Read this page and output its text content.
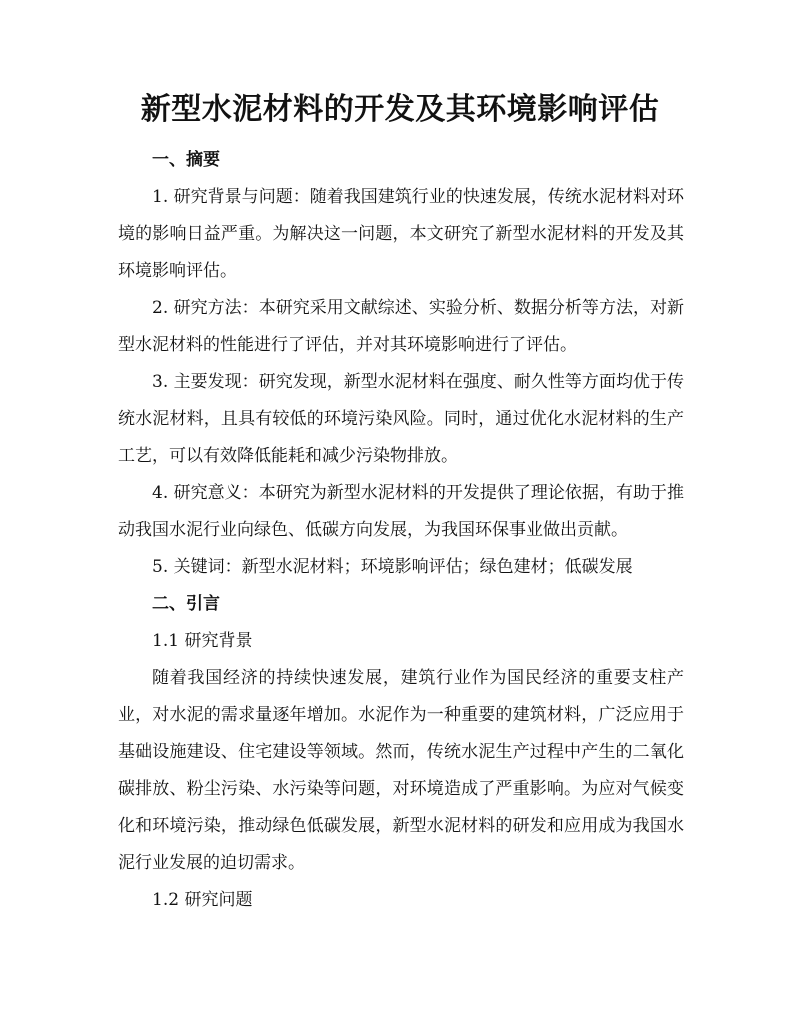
新型水泥材料的开发及其环境影响评估

一、摘要

1. 研究背景与问题：随着我国建筑行业的快速发展，传统水泥材料对环境的影响日益严重。为解决这一问题，本文研究了新型水泥材料的开发及其环境影响评估。

2. 研究方法：本研究采用文献综述、实验分析、数据分析等方法，对新型水泥材料的性能进行了评估，并对其环境影响进行了评估。

3. 主要发现：研究发现，新型水泥材料在强度、耐久性等方面均优于传统水泥材料，且具有较低的环境污染风险。同时，通过优化水泥材料的生产工艺，可以有效降低能耗和减少污染物排放。

4. 研究意义：本研究为新型水泥材料的开发提供了理论依据，有助于推动我国水泥行业向绿色、低碳方向发展，为我国环保事业做出贡献。

5. 关键词：新型水泥材料；环境影响评估；绿色建材；低碳发展

二、引言

1.1 研究背景

随着我国经济的持续快速发展，建筑行业作为国民经济的重要支柱产业，对水泥的需求量逐年增加。水泥作为一种重要的建筑材料，广泛应用于基础设施建设、住宅建设等领域。然而，传统水泥生产过程中产生的二氧化碳排放、粉尘污染、水污染等问题，对环境造成了严重影响。为应对气候变化和环境污染，推动绿色低碳发展，新型水泥材料的研发和应用成为我国水泥行业发展的迫切需求。

1.2 研究问题
